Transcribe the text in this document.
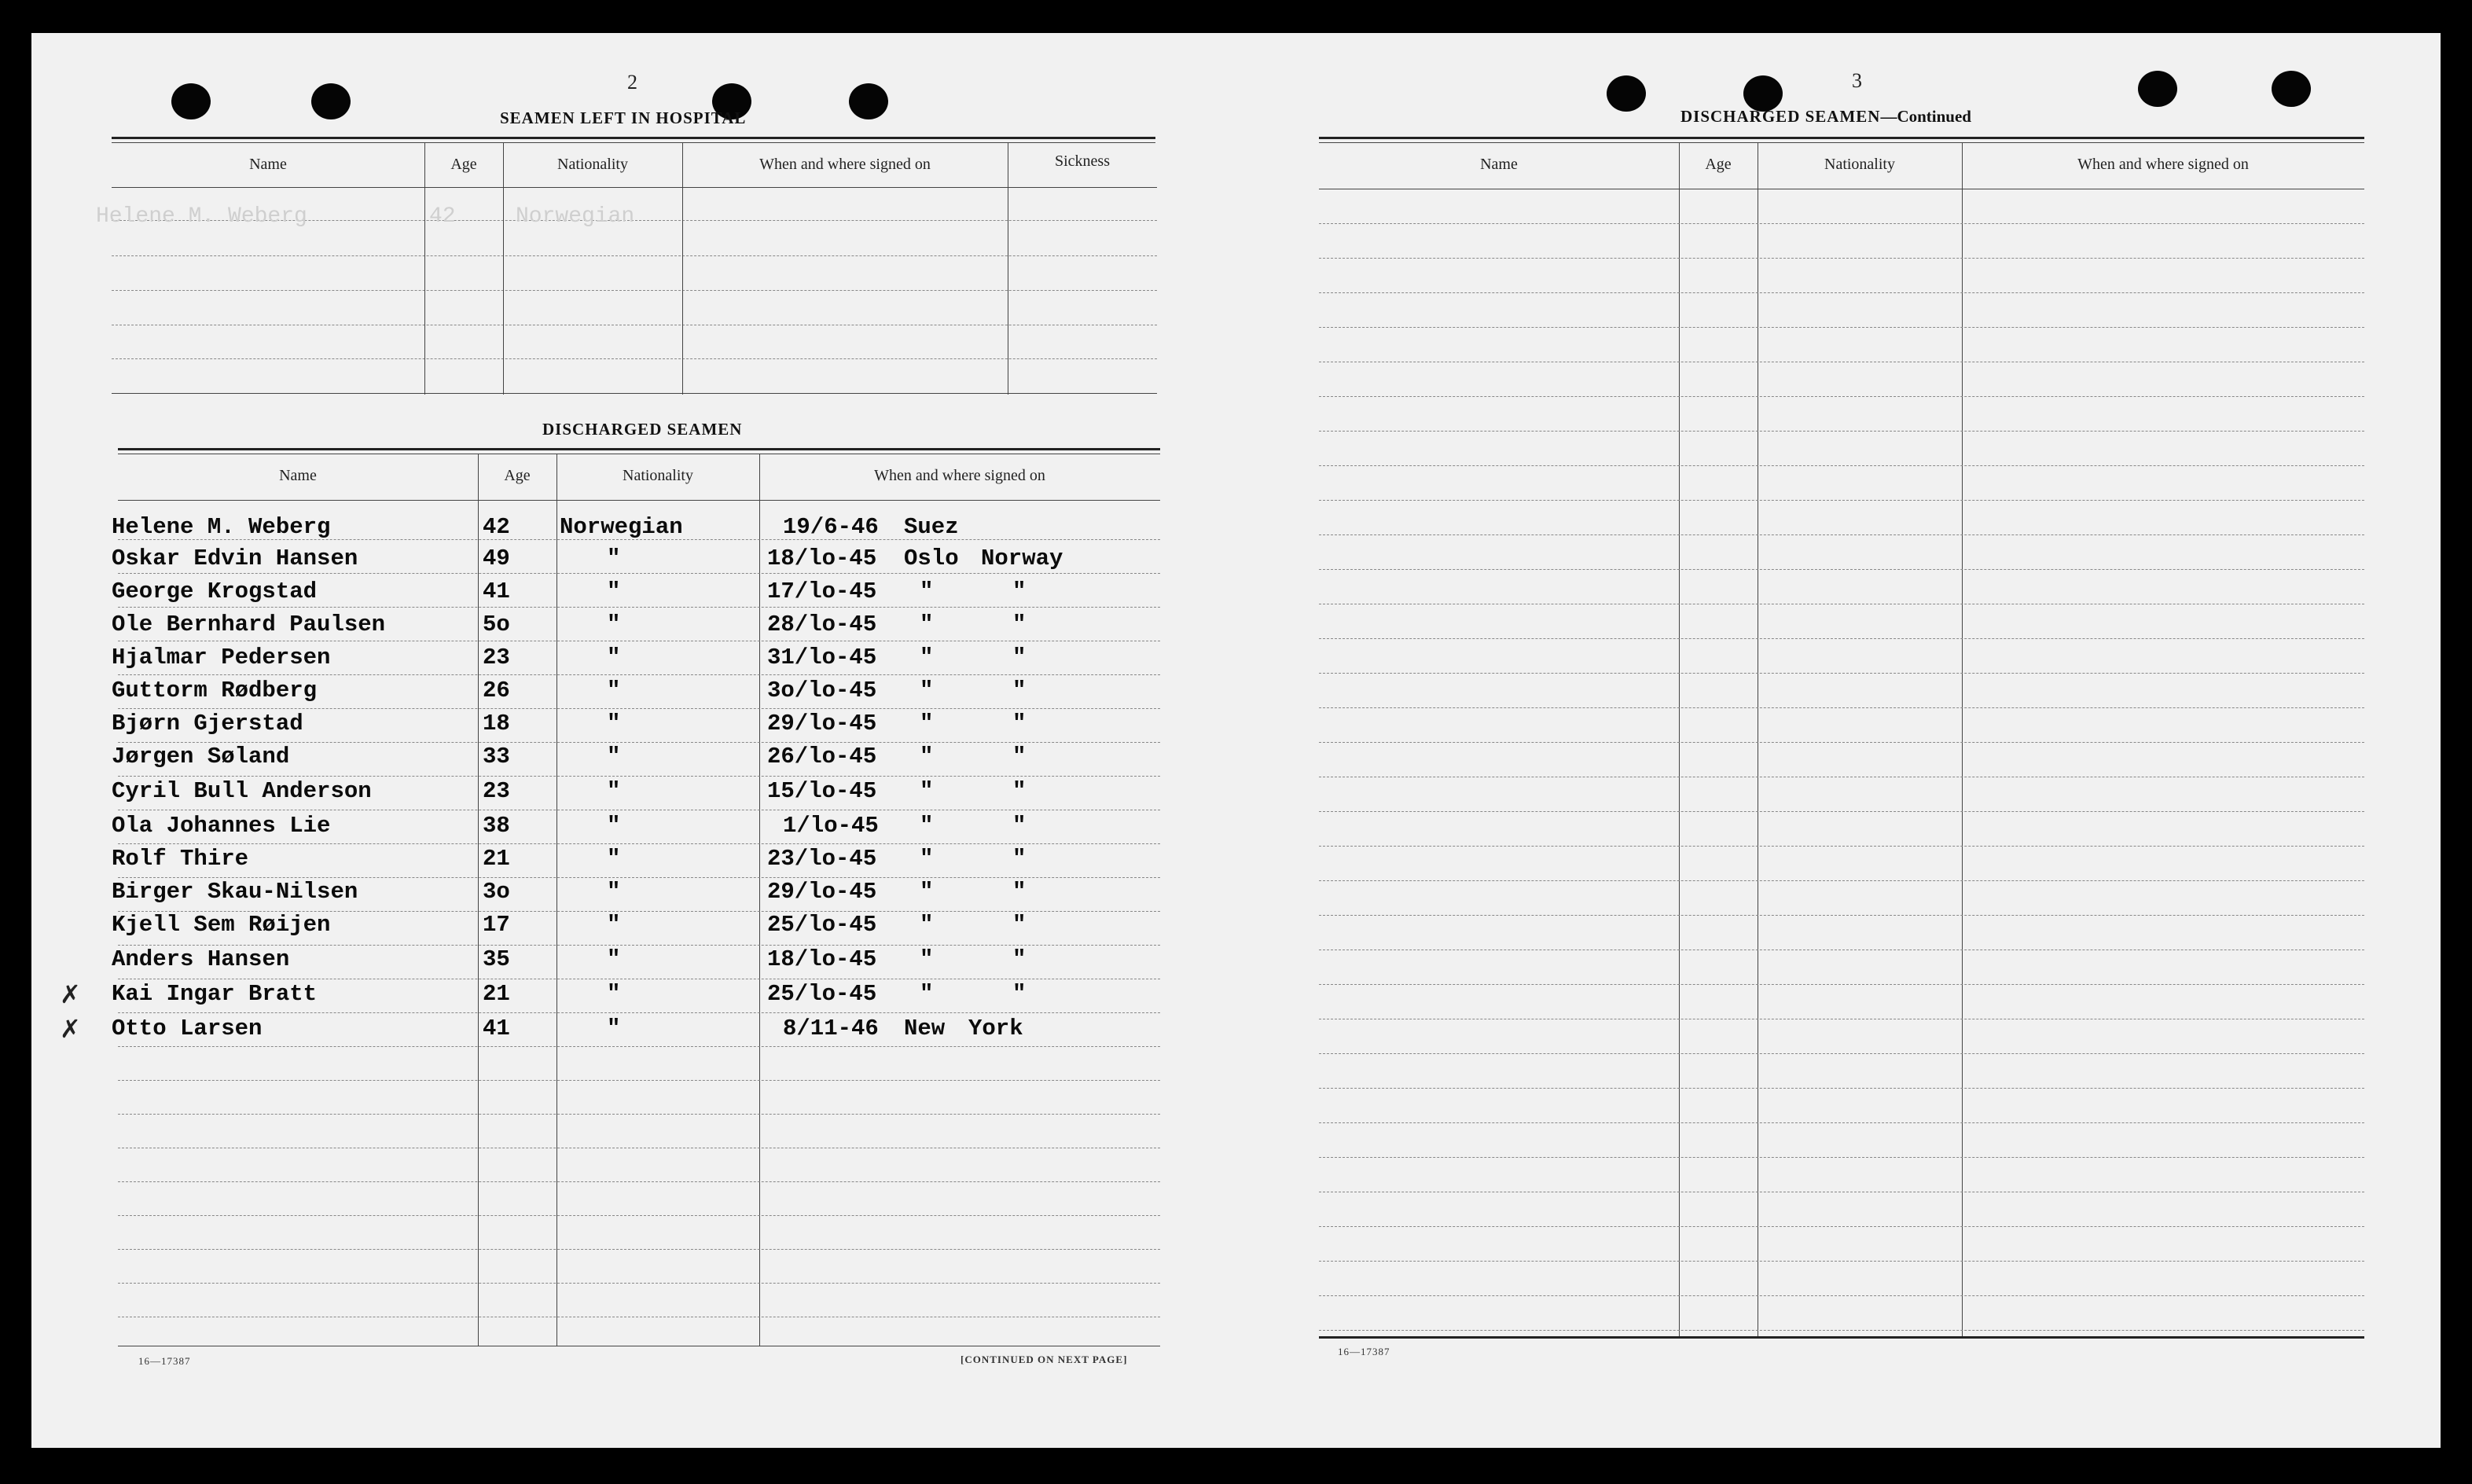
2
SEAMEN LEFT IN HOSPITAL
Helene M. Weberg	42	Norwegian
DISCHARGED SEAMEN
16—17387	[CONTINUED ON NEXT PAGE]
3
DISCHARGED SEAMEN—Continued
16—17387
Name	Age	Nationality	When and where signed on	Sickness
Name	Age	Nationality	When and where signed on
Name	Age	Nationality	When and where signed on
Helene M. Weberg	42 Norwegian	19/6-46 Suez
Oskar Edvin Hansen	49	"	18/lo-45 Oslo Norway
George Krogstad	41	"	17/lo-45 "	"
Ole Bernhard Paulsen	5o	"	28/lo-45 "	"
Hjalmar Pedersen	23	"	31/lo-45 "	"
Guttorm Rødberg	26	"	3o/lo-45 "	"
Bjørn Gjerstad	18	"	29/lo-45 "	"
Jørgen Søland	33	"	26/lo-45 "	"
Cyril Bull Anderson	23	"	15/lo-45 "	"
Ola Johannes Lie	38	"	1/lo-45 "	"
Rolf Thire	21	"	23/lo-45 "	"
Birger Skau-Nilsen	3o	"	29/lo-45 "	"
Kjell Sem Røijen	17	"	25/lo-45 "	"
Anders Hansen	35	"	18/lo-45 "	"
Kai Ingar Bratt	21	"	25/lo-45 "	"
✗
Otto Larsen	41	"	8/11-46 New York
✗
